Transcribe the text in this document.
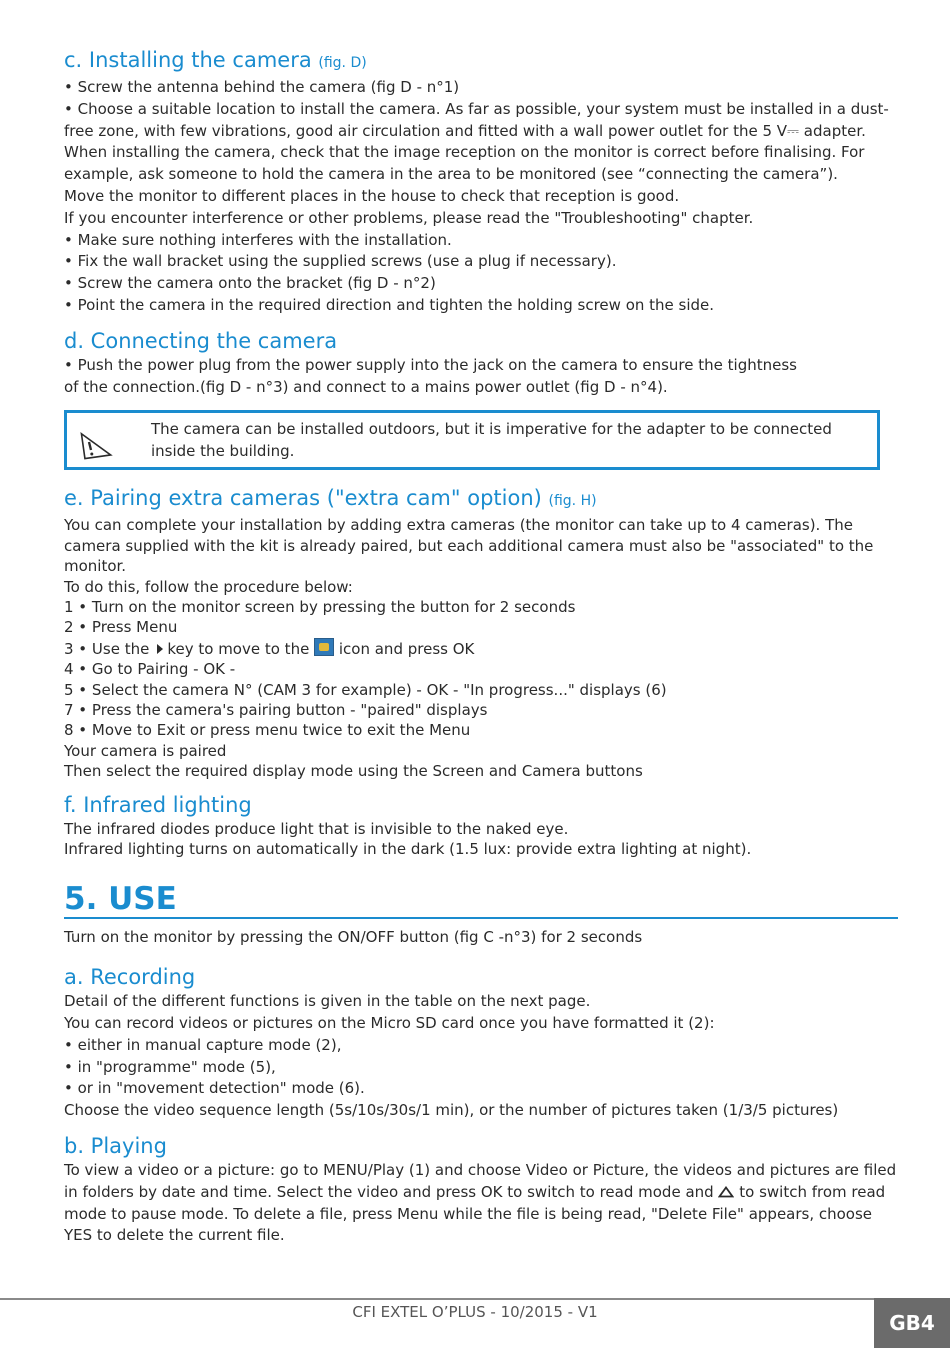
c. Installing the camera (fig. D)

• Screw the antenna behind the camera (fig D - n°1)

• Choose a suitable location to install the camera. As far as possible, your system must be installed in a dust-free zone, with few vibrations, good air circulation and fitted with a wall power outlet for the 5 V⎓ adapter.

When installing the camera, check that the image reception on the monitor is correct before finalising. For example, ask someone to hold the camera in the area to be monitored (see “connecting the camera”).

Move the monitor to different places in the house to check that reception is good.

If you encounter interference or other problems, please read the "Troubleshooting" chapter.

• Make sure nothing interferes with the installation.

• Fix the wall bracket using the supplied screws (use a plug if necessary).

• Screw the camera onto the bracket (fig D - n°2)

• Point the camera in the required direction and tighten the holding screw on the side.

d. Connecting the camera

• Push the power plug from the power supply into the jack on the camera to ensure the tightness

of the connection.(fig D - n°3) and connect to a mains power outlet (fig D - n°4).

The camera can be installed outdoors, but it is imperative for the adapter to be connected inside the building.
e. Pairing extra cameras ("extra cam" option) (fig. H)

You can complete your installation by adding extra cameras (the monitor can take up to 4 cameras). The camera supplied with the kit is already paired, but each additional camera must also be "associated" to the monitor.

To do this, follow the procedure below:

1 • Turn on the monitor screen by pressing the button for 2 seconds

2 • Press Menu

3 • Use the key to move to the icon and press OK

4 • Go to Pairing - OK -

5 • Select the camera N° (CAM 3 for example) - OK - "In progress..." displays (6)

7 • Press the camera's pairing button - "paired" displays

8 • Move to Exit or press menu twice to exit the Menu

Your camera is paired

Then select the required display mode using the Screen and Camera buttons

f. Infrared lighting

The infrared diodes produce light that is invisible to the naked eye.

Infrared lighting turns on automatically in the dark (1.5 lux: provide extra lighting at night).

5. USE

Turn on the monitor by pressing the ON/OFF button (fig C -n°3) for 2 seconds

a. Recording

Detail of the different functions is given in the table on the next page.

You can record videos or pictures on the Micro SD card once you have formatted it (2):

• either in manual capture mode (2),

• in "programme" mode (5),

• or in "movement detection" mode (6).

Choose the video sequence length (5s/10s/30s/1 min), or the number of pictures taken (1/3/5 pictures)

b. Playing

To view a video or a picture: go to MENU/Play (1) and choose Video or Picture, the videos and pictures are filed in folders by date and time. Select the video and press OK to switch to read mode and to switch from read mode to pause mode. To delete a file, press Menu while the file is being read, "Delete File" appears, choose YES to delete the current file.

CFI EXTEL O’PLUS - 10/2015 - V1	GB4
